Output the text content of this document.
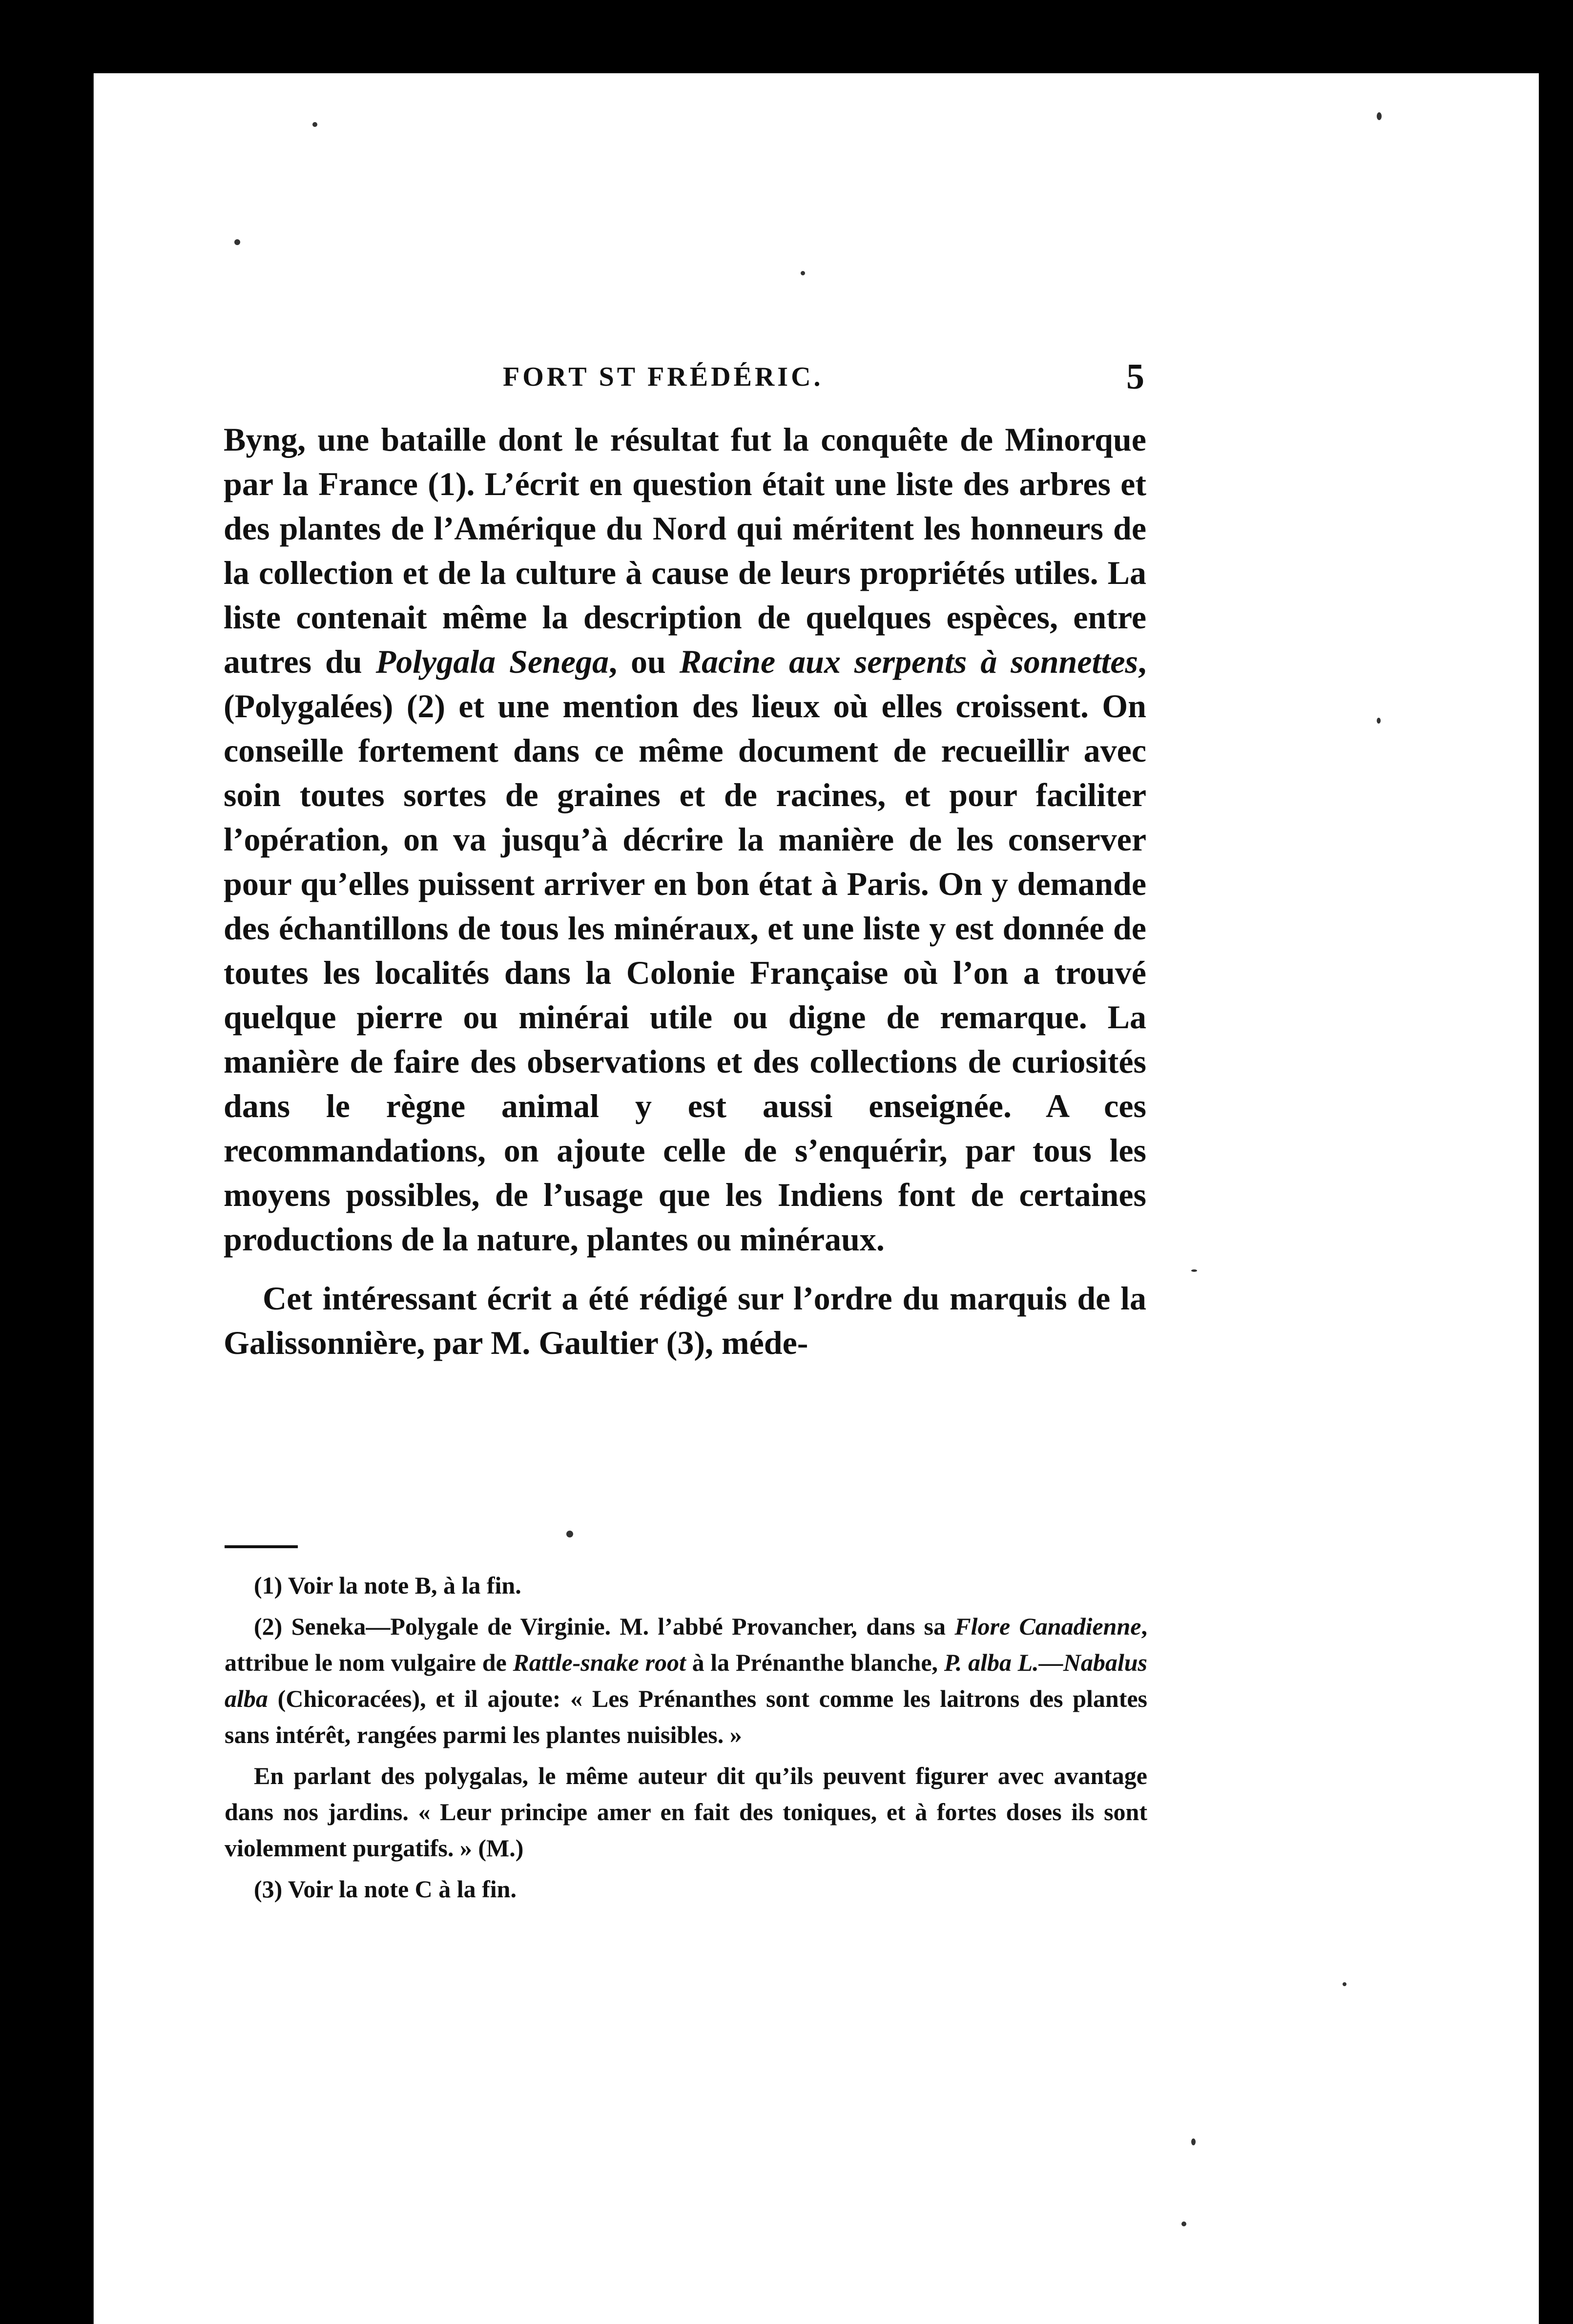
FORT ST FRÉDÉRIC.	5

Byng, une bataille dont le résultat fut la conquête de Minorque par la France (1). L’écrit en question était une liste des arbres et des plantes de l’Amérique du Nord qui méritent les honneurs de la collection et de la culture à cause de leurs propriétés utiles. La liste contenait même la description de quelques espèces, entre autres du Polygala Senega, ou Racine aux serpents à sonnettes, (Polygalées) (2) et une mention des lieux où elles croissent. On conseille fortement dans ce même document de recueillir avec soin toutes sortes de graines et de racines, et pour faciliter l’opération, on va jusqu’à décrire la manière de les conserver pour qu’elles puissent arriver en bon état à Paris. On y demande des échantillons de tous les minéraux, et une liste y est donnée de toutes les localités dans la Colonie Française où l’on a trouvé quelque pierre ou minérai utile ou digne de remarque. La manière de faire des observations et des collections de curiosités dans le règne animal y est aussi enseignée. A ces recommandations, on ajoute celle de s’enquérir, par tous les moyens possibles, de l’usage que les Indiens font de certaines productions de la nature, plantes ou minéraux.

Cet intéressant écrit a été rédigé sur l’ordre du marquis de la Galissonnière, par M. Gaultier (3), méde-

(1) Voir la note B, à la fin.

(2) Seneka—Polygale de Virginie. M. l’abbé Provancher, dans sa Flore Canadienne, attribue le nom vulgaire de Rattle-snake root à la Prénanthe blanche, P. alba L.—Nabalus alba (Chicoracées), et il ajoute: « Les Prénanthes sont comme les laitrons des plantes sans intérêt, rangées parmi les plantes nuisibles. »

En parlant des polygalas, le même auteur dit qu’ils peuvent figurer avec avantage dans nos jardins. « Leur principe amer en fait des toniques, et à fortes doses ils sont violemment purgatifs. » (M.)

(3) Voir la note C à la fin.
